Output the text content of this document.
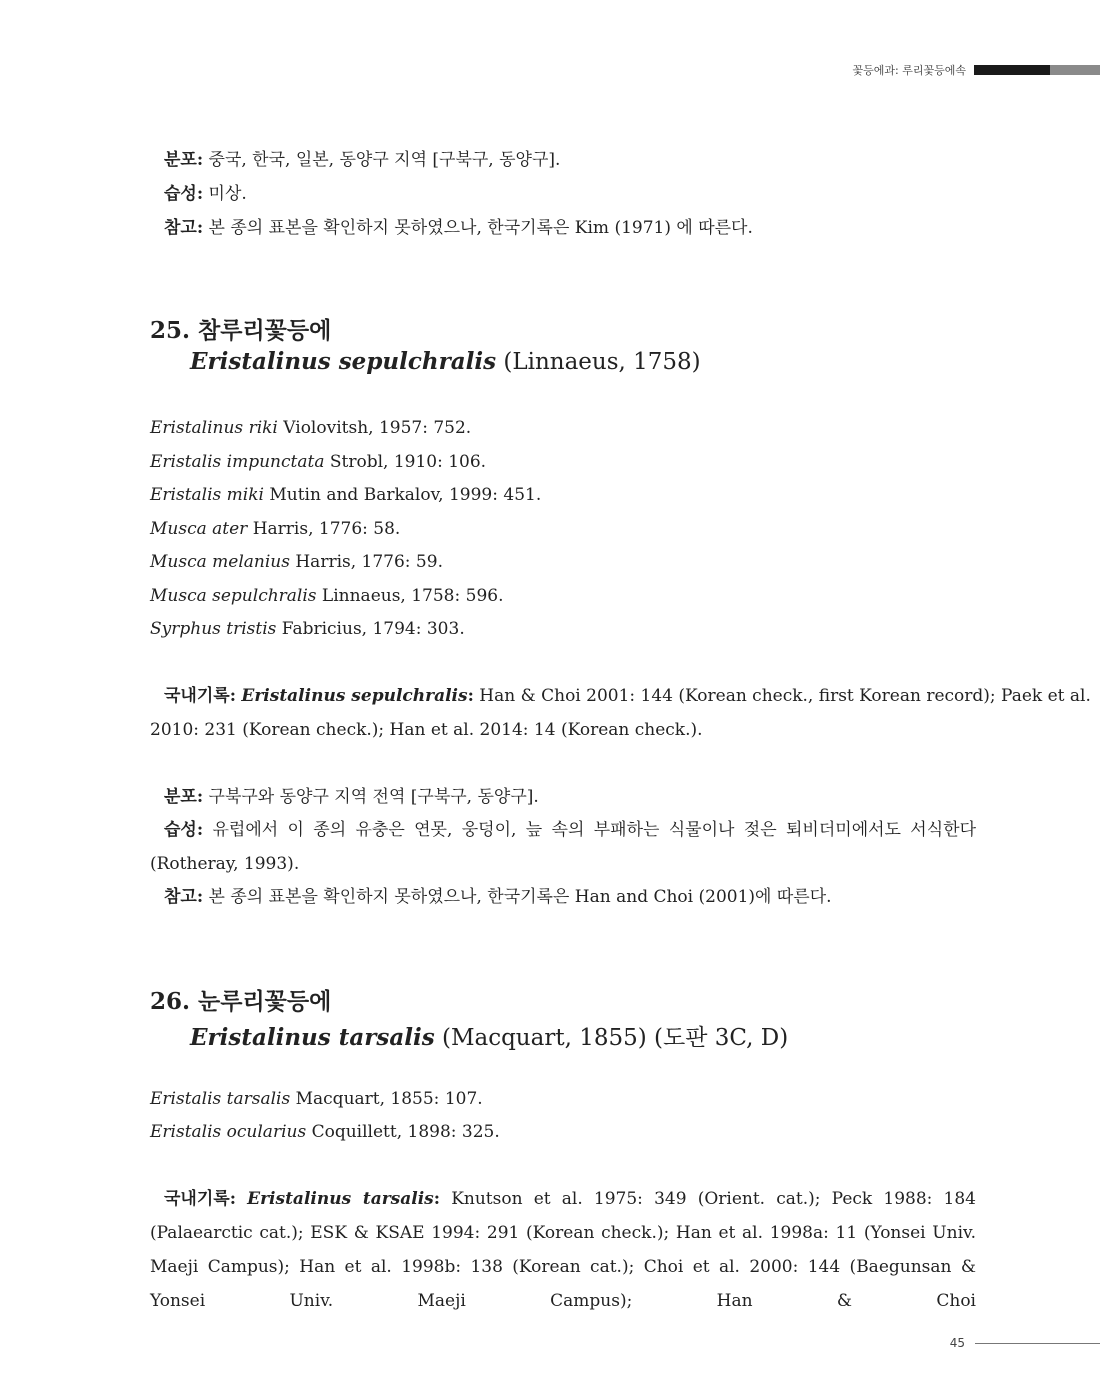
꽃등에과: 루리꽃등에속
분포: 중국, 한국, 일본, 동양구 지역 [구북구, 동양구].
습성: 미상.
참고: 본 종의 표본을 확인하지 못하였으나, 한국기록은 Kim (1971) 에 따른다.
25. 참루리꽃등에
Eristalinus sepulchralis (Linnaeus, 1758)
Eristalinus riki Violovitsh, 1957: 752.
Eristalis impunctata Strobl, 1910: 106.
Eristalis miki Mutin and Barkalov, 1999: 451.
Musca ater Harris, 1776: 58.
Musca melanius Harris, 1776: 59.
Musca sepulchralis Linnaeus, 1758: 596.
Syrphus tristis Fabricius, 1794: 303.
국내기록: Eristalinus sepulchralis: Han & Choi 2001: 144 (Korean check., first Korean record); Paek et al.
2010: 231 (Korean check.); Han et al. 2014: 14 (Korean check.).
분포: 구북구와 동양구 지역 전역 [구북구, 동양구].
습성: 유럽에서 이 종의 유충은 연못, 웅덩이, 늪 속의 부패하는 식물이나 젖은 퇴비더미에서도 서식한다 (Rotheray, 1993).
참고: 본 종의 표본을 확인하지 못하였으나, 한국기록은 Han and Choi (2001)에 따른다.
26. 눈루리꽃등에
Eristalinus tarsalis (Macquart, 1855) (도판 3C, D)
Eristalis tarsalis Macquart, 1855: 107.
Eristalis ocularius Coquillett, 1898: 325.
국내기록: Eristalinus tarsalis: Knutson et al. 1975: 349 (Orient. cat.); Peck 1988: 184 (Palaearctic cat.); ESK & KSAE 1994: 291 (Korean check.); Han et al. 1998a: 11 (Yonsei Univ. Maeji Campus); Han et al. 1998b: 138 (Korean cat.); Choi et al. 2000: 144 (Baegunsan & Yonsei Univ. Maeji Campus); Han & Choi
45
